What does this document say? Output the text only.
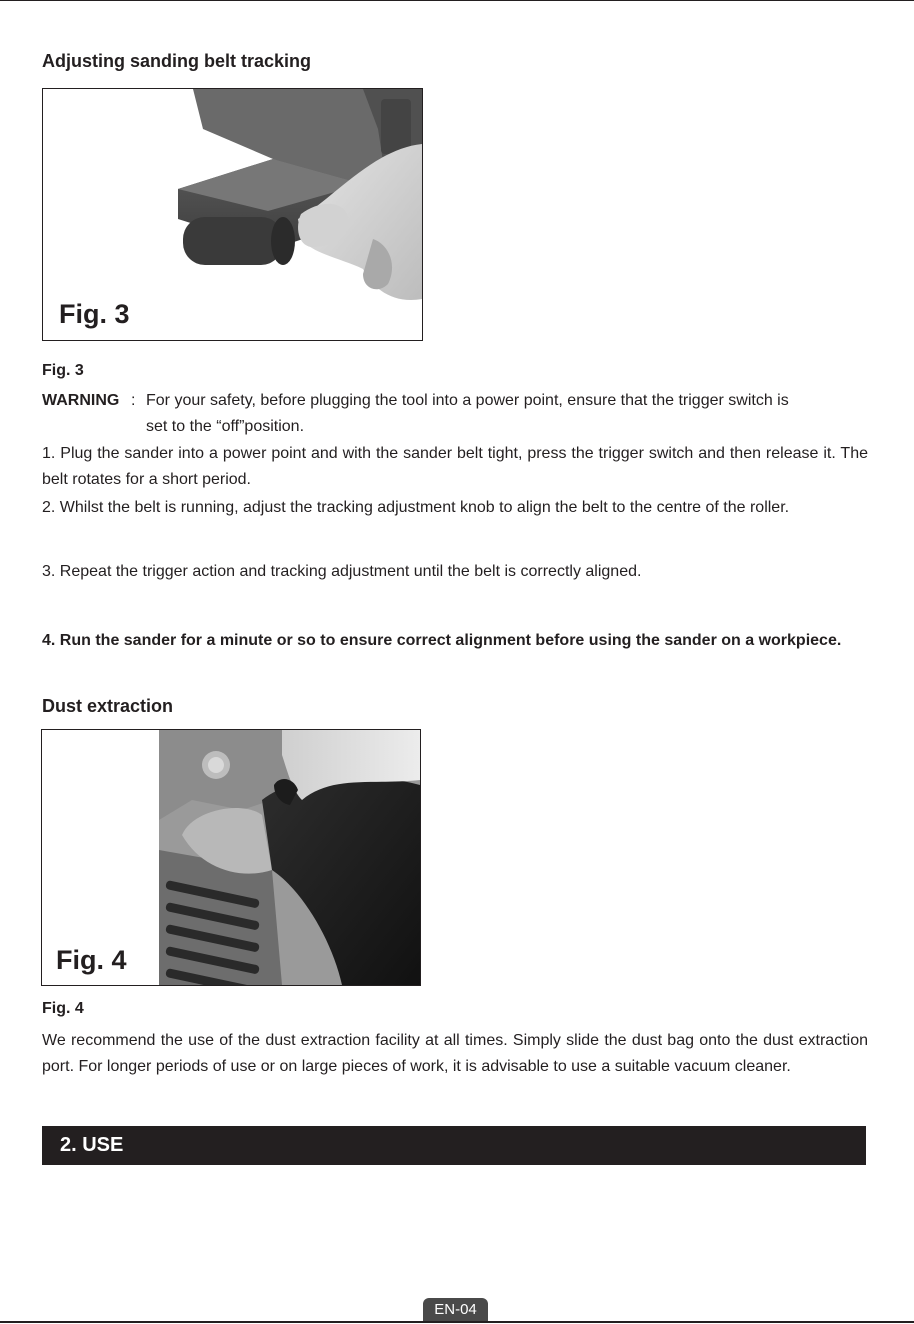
Adjusting sanding belt tracking
Fig. 3
Fig. 3
WARNING : For your safety, before plugging the tool into a power point, ensure that the trigger switch is
set to the “off”position.

1. Plug the sander into a power point and with the sander belt tight, press the trigger switch and then release it. The belt rotates for a short period.

2. Whilst the belt is running, adjust the tracking adjustment knob to align the belt to the centre of the roller.

3. Repeat the trigger action and tracking adjustment until the belt is correctly aligned.

4. Run the sander for a minute or so to ensure correct alignment before using the sander on a workpiece.

Dust extraction
Fig. 4
Fig. 4

We recommend the use of the dust extraction facility at all times. Simply slide the dust bag onto the dust extraction port. For longer periods of use or on large pieces of work, it is advisable to use a suitable vacuum cleaner.

2. USE
EN-04
